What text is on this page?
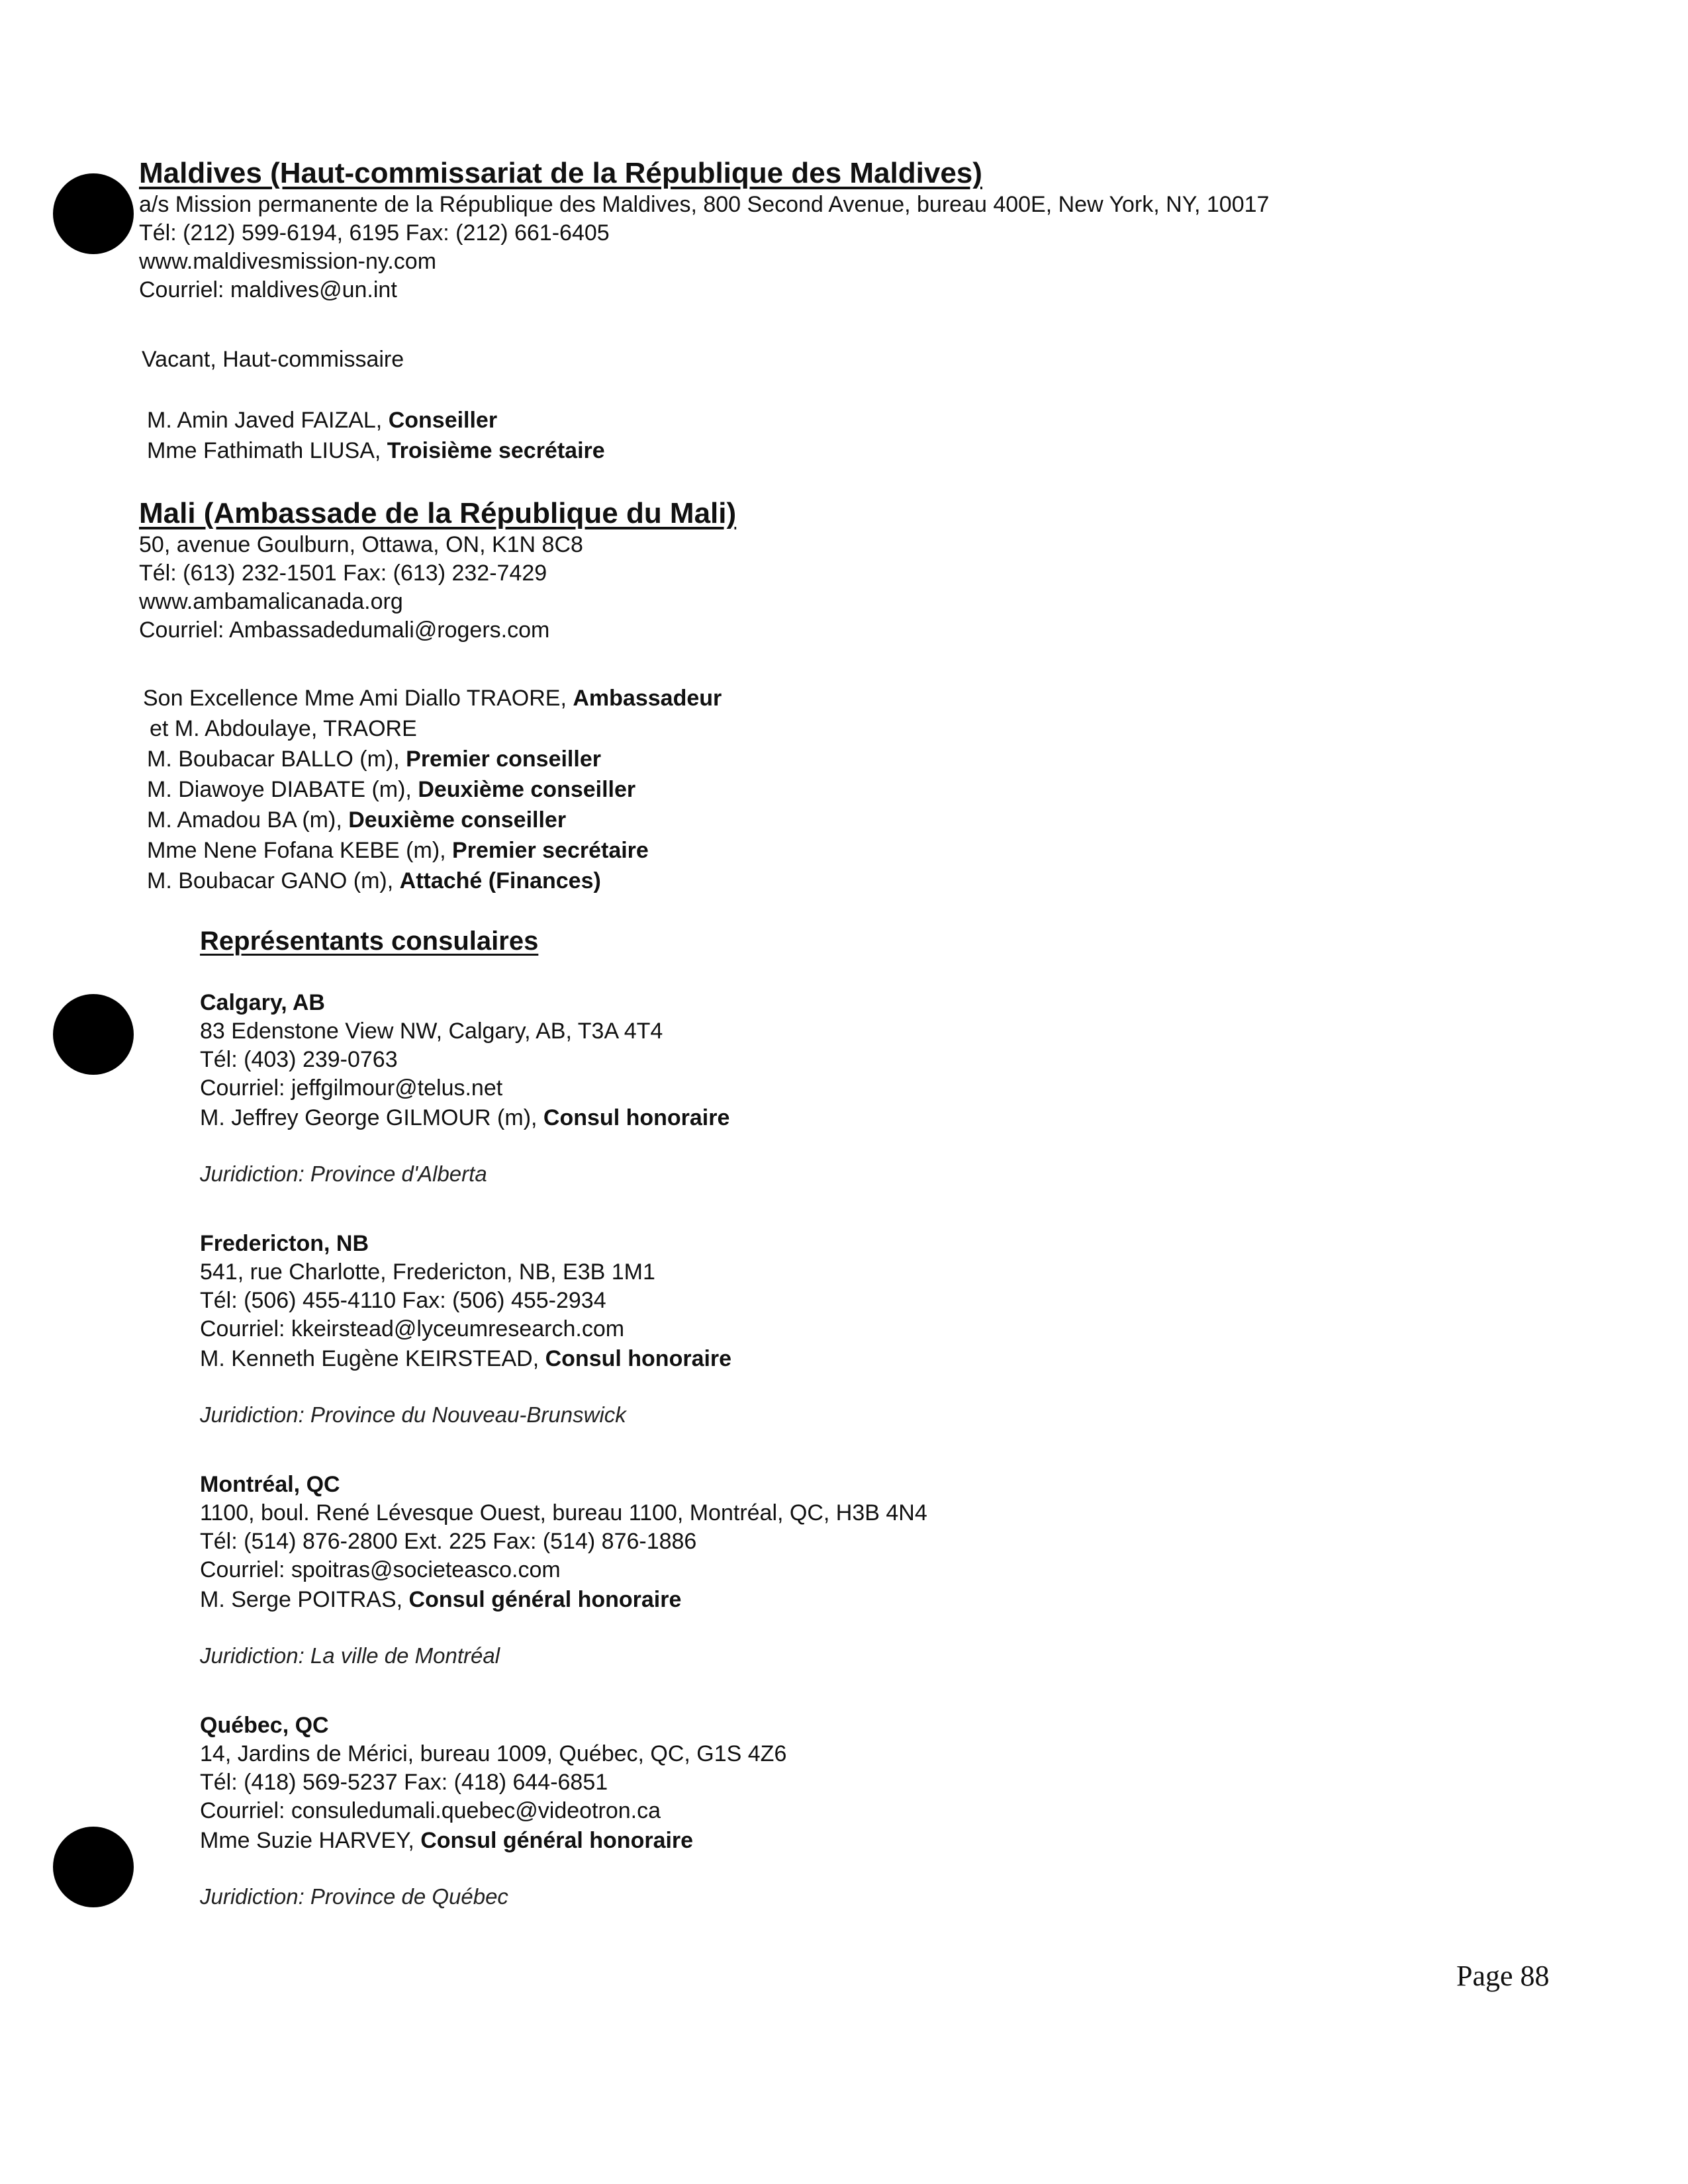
Maldives (Haut-commissariat de la République des Maldives)
a/s Mission permanente de la République des Maldives, 800 Second Avenue, bureau 400E, New York, NY, 10017
Tél: (212) 599-6194, 6195 Fax: (212) 661-6405
www.maldivesmission-ny.com
Courriel: maldives@un.int
Vacant, Haut-commissaire
M. Amin Javed FAIZAL, Conseiller
Mme Fathimath LIUSA, Troisième secrétaire
Mali (Ambassade de la République du Mali)
50, avenue Goulburn, Ottawa, ON, K1N 8C8
Tél: (613) 232-1501 Fax: (613) 232-7429
www.ambamalicanada.org
Courriel: Ambassadedumali@rogers.com
Son Excellence Mme Ami Diallo TRAORE, Ambassadeur
et M. Abdoulaye, TRAORE
M. Boubacar BALLO (m), Premier conseiller
M. Diawoye DIABATE (m), Deuxième conseiller
M. Amadou BA (m), Deuxième conseiller
Mme Nene Fofana KEBE (m), Premier secrétaire
M. Boubacar GANO (m), Attaché (Finances)
Représentants consulaires
Calgary, AB
83 Edenstone View NW, Calgary, AB, T3A 4T4
Tél: (403) 239-0763
Courriel: jeffgilmour@telus.net
M. Jeffrey George GILMOUR (m), Consul honoraire
Juridiction: Province d'Alberta
Fredericton, NB
541, rue Charlotte, Fredericton, NB, E3B 1M1
Tél: (506) 455-4110 Fax: (506) 455-2934
Courriel: kkeirstead@lyceumresearch.com
M. Kenneth Eugène KEIRSTEAD, Consul honoraire
Juridiction: Province du Nouveau-Brunswick
Montréal, QC
1100, boul. René Lévesque Ouest, bureau 1100, Montréal, QC, H3B 4N4
Tél: (514) 876-2800 Ext. 225 Fax: (514) 876-1886
Courriel: spoitras@societeasco.com
M. Serge POITRAS, Consul général honoraire
Juridiction: La ville de Montréal
Québec, QC
14, Jardins de Mérici, bureau 1009, Québec, QC, G1S 4Z6
Tél: (418) 569-5237 Fax: (418) 644-6851
Courriel: consuledumali.quebec@videotron.ca
Mme Suzie HARVEY, Consul général honoraire
Juridiction: Province de Québec
Page 88
